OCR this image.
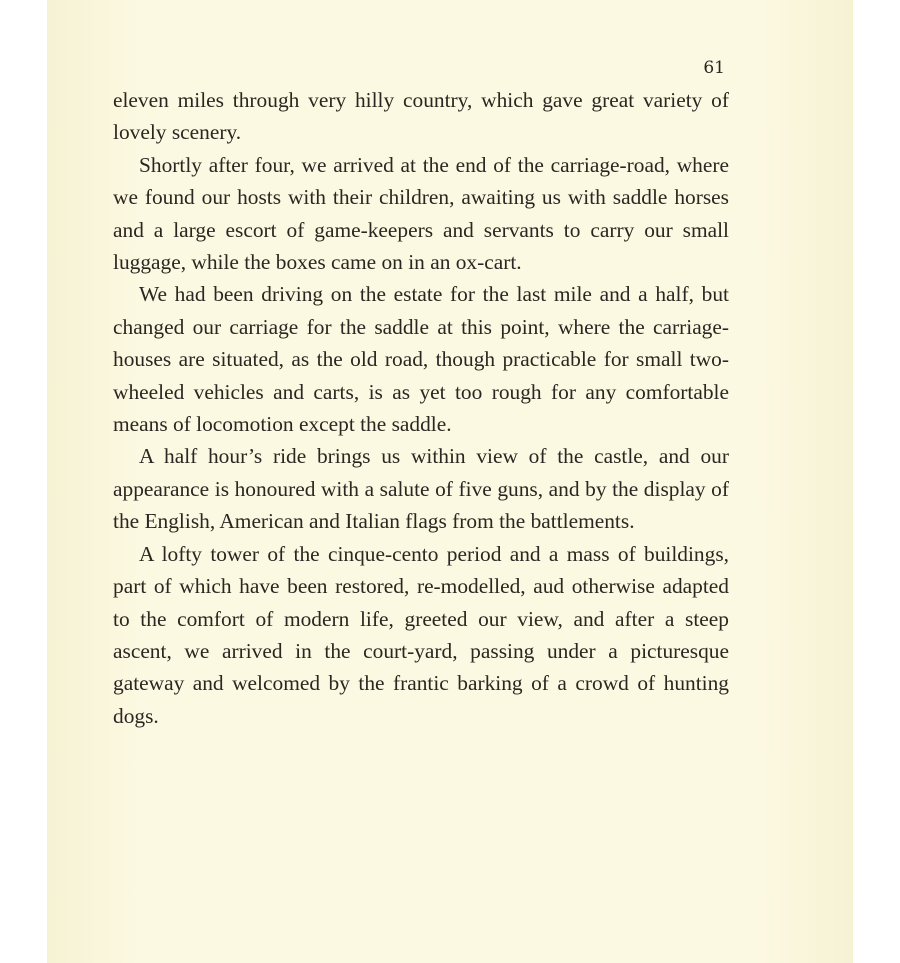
61

eleven miles through very hilly country, which gave great variety of lovely scenery.

Shortly after four, we arrived at the end of the carriage-road, where we found our hosts with their children, awaiting us with saddle horses and a large escort of game-keepers and servants to carry our small luggage, while the boxes came on in an ox-cart.

We had been driving on the estate for the last mile and a half, but changed our carriage for the saddle at this point, where the carriage-houses are situated, as the old road, though practicable for small two-wheeled vehicles and carts, is as yet too rough for any comfortable means of locomotion except the saddle.

A half hour’s ride brings us within view of the castle, and our appearance is honoured with a salute of five guns, and by the display of the English, American and Italian flags from the battlements.

A lofty tower of the cinque-cento period and a mass of buildings, part of which have been restored, re-modelled, aud otherwise adapted to the comfort of modern life, greeted our view, and after a steep ascent, we arrived in the court-yard, passing under a picturesque gateway and welcomed by the frantic barking of a crowd of hunting dogs.
